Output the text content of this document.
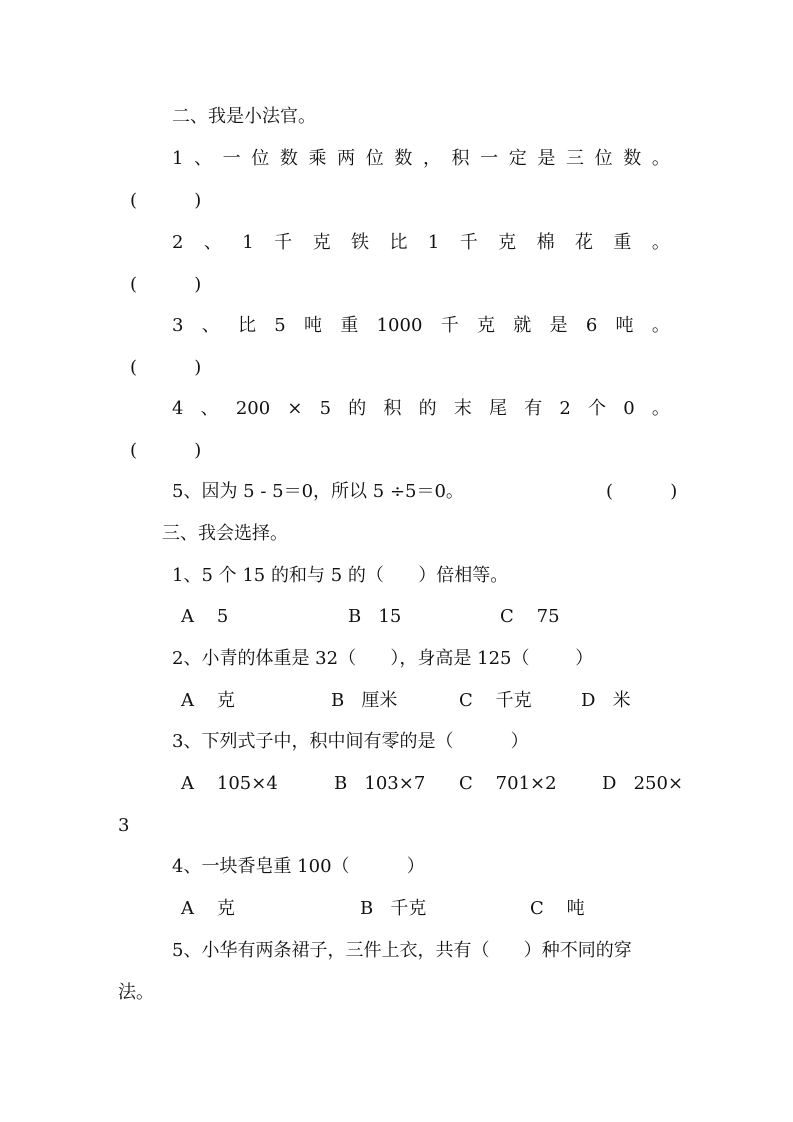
二、我是小法官。
1 、 一 位 数 乘 两 位 数 ， 积 一 定 是 三 位 数 。
(          )
2 、 1 千 克 铁 比 1 千 克 棉 花 重 。
(          )
3 、 比 5 吨 重 1000 千 克 就 是 6 吨 。
(          )
4 、 200 × 5 的 积 的 末 尾 有 2 个 0 。
(          )
5、因为 5 - 5＝0，所以 5 ÷5＝0。	(          )
三、我会选择。
1、5 个 15 的和与 5 的（      ）倍相等。
A    5	B   15	C    75
2、小青的体重是 32（      ），身高是 125（        ）
A    克	B   厘米	C    千克	D   米
3、下列式子中，积中间有零的是（          ）
A    105×4	B   103×7 C    701×2	D   250×
3
4、一块香皂重 100（          ）
A    克	B   千克	C    吨
5、小华有两条裙子，三件上衣，共有（      ）种不同的穿
法。
